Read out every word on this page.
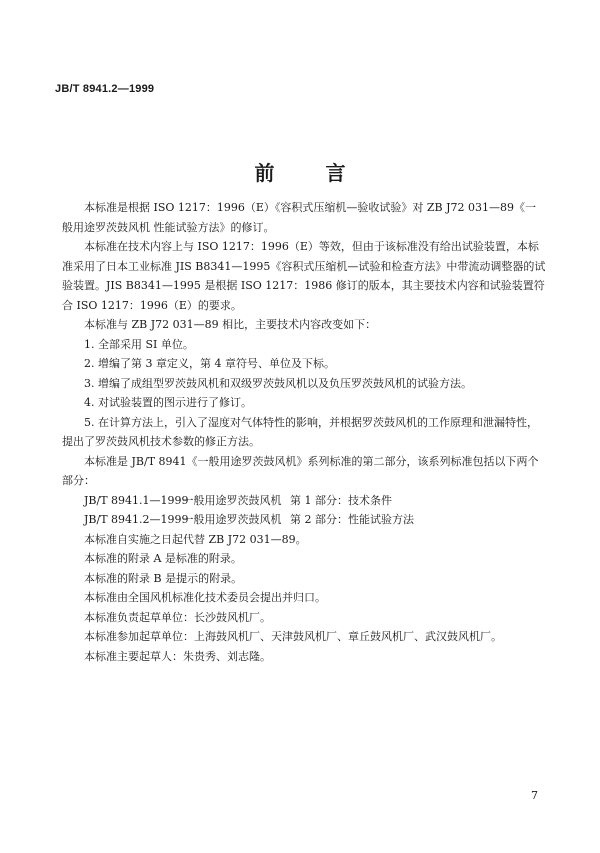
JB/T 8941.2—1999
前 言

本标准是根据 ISO 1217：1996（E）《容积式压缩机—验收试验》对 ZB J72 031—89《一般用途罗茨鼓风机 性能试验方法》的修订。

本标准在技术内容上与 ISO 1217：1996（E）等效，但由于该标准没有给出试验装置，本标准采用了日本工业标准 JIS B8341—1995《容积式压缩机—试验和检查方法》中带流动调整器的试验装置。JIS B8341—1995 是根据 ISO 1217：1986 修订的版本，其主要技术内容和试验装置符合 ISO 1217：1996（E）的要求。

本标准与 ZB J72 031—89 相比，主要技术内容改变如下：

1. 全部采用 SI 单位。

2. 增编了第 3 章定义，第 4 章符号、单位及下标。

3. 增编了成组型罗茨鼓风机和双级罗茨鼓风机以及负压罗茨鼓风机的试验方法。

4. 对试验装置的图示进行了修订。

5. 在计算方法上，引入了湿度对气体特性的影响，并根据罗茨鼓风机的工作原理和泄漏特性，提出了罗茨鼓风机技术参数的修正方法。

本标准是 JB/T 8941《一般用途罗茨鼓风机》系列标准的第二部分，该系列标准包括以下两个部分：

JB/T 8941.1—1999 一般用途罗茨鼓风机 第 1 部分：技术条件

JB/T 8941.2—1999 一般用途罗茨鼓风机 第 2 部分：性能试验方法

本标准自实施之日起代替 ZB J72 031—89。

本标准的附录 A 是标准的附录。

本标准的附录 B 是提示的附录。

本标准由全国风机标准化技术委员会提出并归口。

本标准负责起草单位：长沙鼓风机厂。

本标准参加起草单位：上海鼓风机厂、天津鼓风机厂、章丘鼓风机厂、武汉鼓风机厂。

本标准主要起草人：朱贵秀、刘志隆。

7
